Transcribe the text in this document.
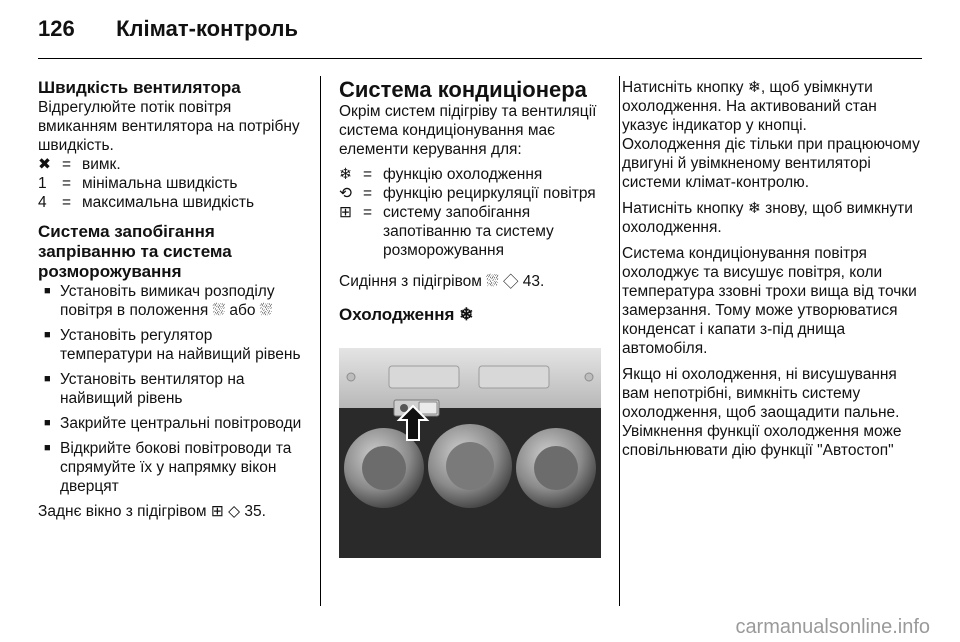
126 Клімат-контроль
Швидкість вентилятора

Відрегулюйте потік повітря вмиканням вентилятора на потрібну швидкість.

✖	=	вимк.
1	=	мінімальна швидкість
4	=	максимальна швидкість
Система запобігання запріванню та система розморожування
■ Установіть вимикач розподілу повітря в положення ⛆ або ⛆
■ Установіть регулятор температури на найвищий рівень
■ Установіть вентилятор на найвищий рівень
■ Закрийте центральні повітроводи
■ Відкрийте бокові повітроводи та спрямуйте їх у напрямку вікон дверцят

Заднє вікно з підігрівом ⊞ ◇ 35.

Система кондиціонера

Окрім систем підігріву та вентиляції система кондиціонування має елементи керування для:

❄	=	функцію охолодження
⟲	=	функцію рециркуляції повітря
⊞	=	систему запобігання запотіванню та систему розморожування

Сидіння з підігрівом ⛆ ◇ 43.

Охолодження ❄

Натисніть кнопку ❄, щоб увімкнути охолодження. На активований стан указує індикатор у кнопці.

Охолодження діє тільки при працюючому двигуні й увімкненому вентиляторі системи клімат-контролю.

Натисніть кнопку ❄ знову, щоб вимкнути охолодження.

Система кондиціонування повітря охолоджує та висушує повітря, коли температура ззовні трохи вища від точки замерзання. Тому може утворюватися конденсат і капати з-під днища автомобіля.

Якщо ні охолодження, ні висушування вам непотрібні, вимкніть систему охолодження, щоб заощадити пальне.

Увімкнення функції охолодження може сповільнювати дію функції "Автостоп"

carmanualsonline.info
